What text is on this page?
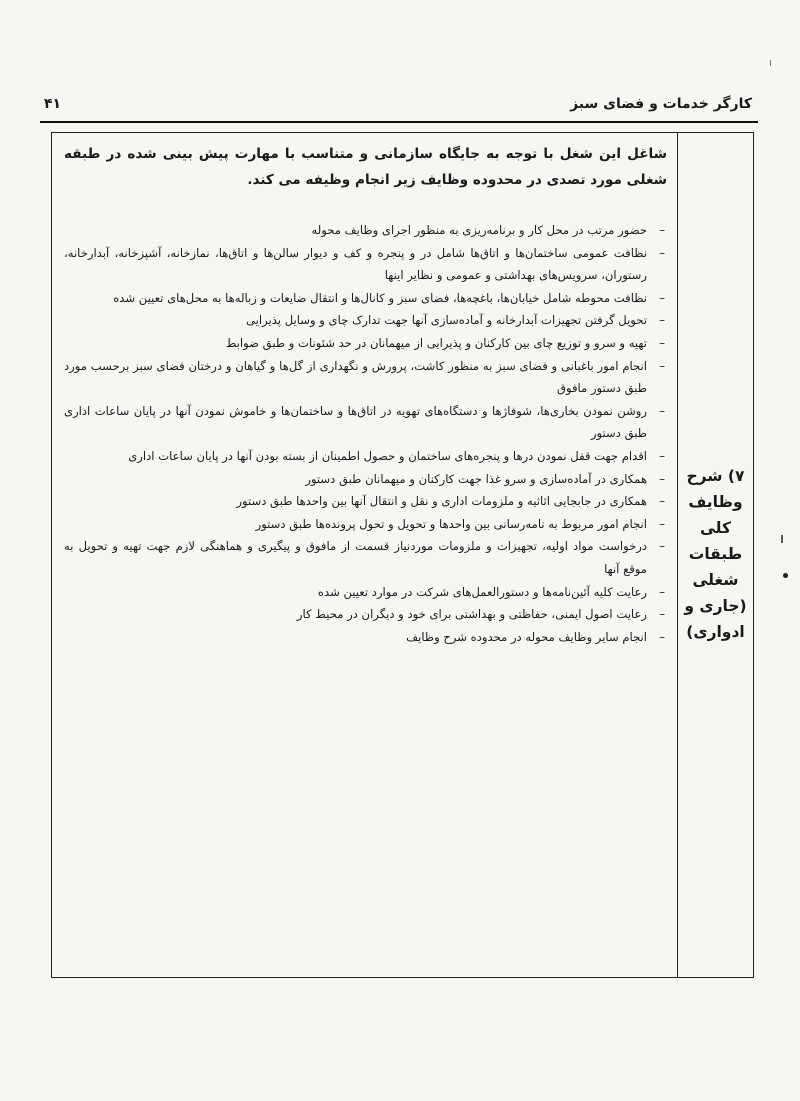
کارگر خدمات و فضای سبز
۴۱
۷) شرح
وظایف
کلی
طبقات
شغلی
(جاری و
ادواری)

شاغل این شغل با توجه به جایگاه سازمانی و متناسب با مهارت پیش بینی شده در طبقه شغلی مورد تصدی در محدوده وظایف زیر انجام وظیفه می کند.

–
حضور مرتب در محل کار و برنامه‌ریزی به منظور اجرای وظایف محوله
–
نظافت عمومی ساختمان‌ها و اتاق‌ها شامل در و پنجره و کف و دیوار سالن‌ها و اتاق‌ها، نمازخانه، آشپزخانه، آبدارخانه، رستوران، سرویس‌های بهداشتی و عمومی و نظایر اینها
–
نظافت محوطه شامل خیابان‌ها، باغچه‌ها، فضای سبز و کانال‌ها و انتقال ضایعات و زباله‌ها به محل‌های تعیین شده
–
تحویل گرفتن تجهیزات آبدارخانه و آماده‌سازی آنها جهت تدارک چای و وسایل پذیرایی
–
تهیه و سرو و توزیع چای بین کارکنان و پذیرایی از میهمانان در حد شئونات و طبق ضوابط
–
انجام امور باغبانی و فضای سبز به منظور کاشت، پرورش و نگهداری از گل‌ها و گیاهان و درختان فضای سبز برحسب مورد طبق دستور مافوق
–
روشن نمودن بخاری‌ها، شوفاژها و دستگاه‌های تهویه در اتاق‌ها و ساختمان‌ها و خاموش نمودن آنها در پایان ساعات اداری طبق دستور
–
اقدام جهت قفل نمودن درها و پنجره‌های ساختمان و حصول اطمینان از بسته بودن آنها در پایان ساعات اداری
–
همکاری در آماده‌سازی و سرو غذا جهت کارکنان و میهمانان طبق دستور
–
همکاری در جابجایی اثاثیه و ملزومات اداری و نقل و انتقال آنها بین واحدها طبق دستور
–
انجام امور مربوط به نامه‌رسانی بین واحدها و تحویل و تحول پرونده‌ها طبق دستور
–
درخواست مواد اولیه، تجهیزات و ملزومات موردنیاز قسمت از مافوق و پیگیری و هماهنگی لازم جهت تهیه و تحویل به موقع آنها
–
رعایت کلیه آئین‌نامه‌ها و دستورالعمل‌های شرکت در موارد تعیین شده
–
رعایت اصول ایمنی، حفاظتی و بهداشتی برای خود و دیگران در محیط کار
–
انجام سایر وظایف محوله در محدوده شرح وظایف
